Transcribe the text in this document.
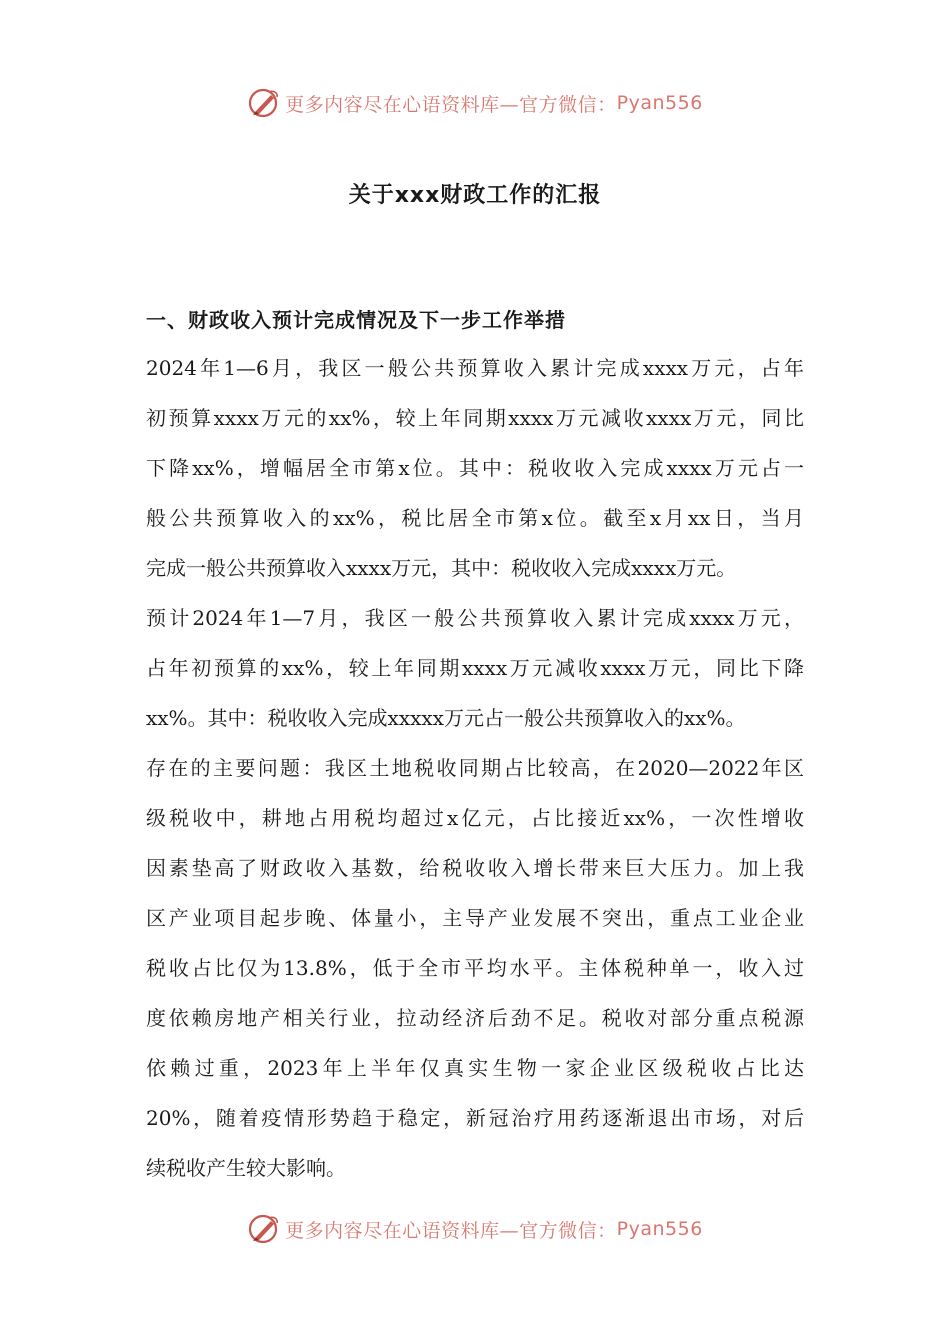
更多内容尽在心语资料库—官方微信： Pyan556
关于xxx财政工作的汇报
一、财政收入预计完成情况及下一步工作举措
2024年1—6月，我区一般公共预算收入累计完成xxxx万元，占年
初预算xxxx万元的xx%，较上年同期xxxx万元减收xxxx万元，同比
下降xx%，增幅居全市第x位。其中：税收收入完成xxxx万元占一
般公共预算收入的xx%，税比居全市第x位。截至x月xx日，当月
完成一般公共预算收入xxxx万元，其中：税收收入完成xxxx万元。
预计2024年1—7月，我区一般公共预算收入累计完成xxxx万元，
占年初预算的xx%，较上年同期xxxx万元减收xxxx万元，同比下降
xx%。其中：税收收入完成xxxxx万元占一般公共预算收入的xx%。
存在的主要问题：我区土地税收同期占比较高，在2020—2022年区
级税收中，耕地占用税均超过x亿元，占比接近xx%，一次性增收
因素垫高了财政收入基数，给税收收入增长带来巨大压力。加上我
区产业项目起步晚、体量小，主导产业发展不突出，重点工业企业
税收占比仅为13.8%，低于全市平均水平。主体税种单一，收入过
度依赖房地产相关行业，拉动经济后劲不足。税收对部分重点税源
依赖过重，2023年上半年仅真实生物一家企业区级税收占比达
20%，随着疫情形势趋于稳定，新冠治疗用药逐渐退出市场，对后
续税收产生较大影响。
更多内容尽在心语资料库—官方微信： Pyan556
